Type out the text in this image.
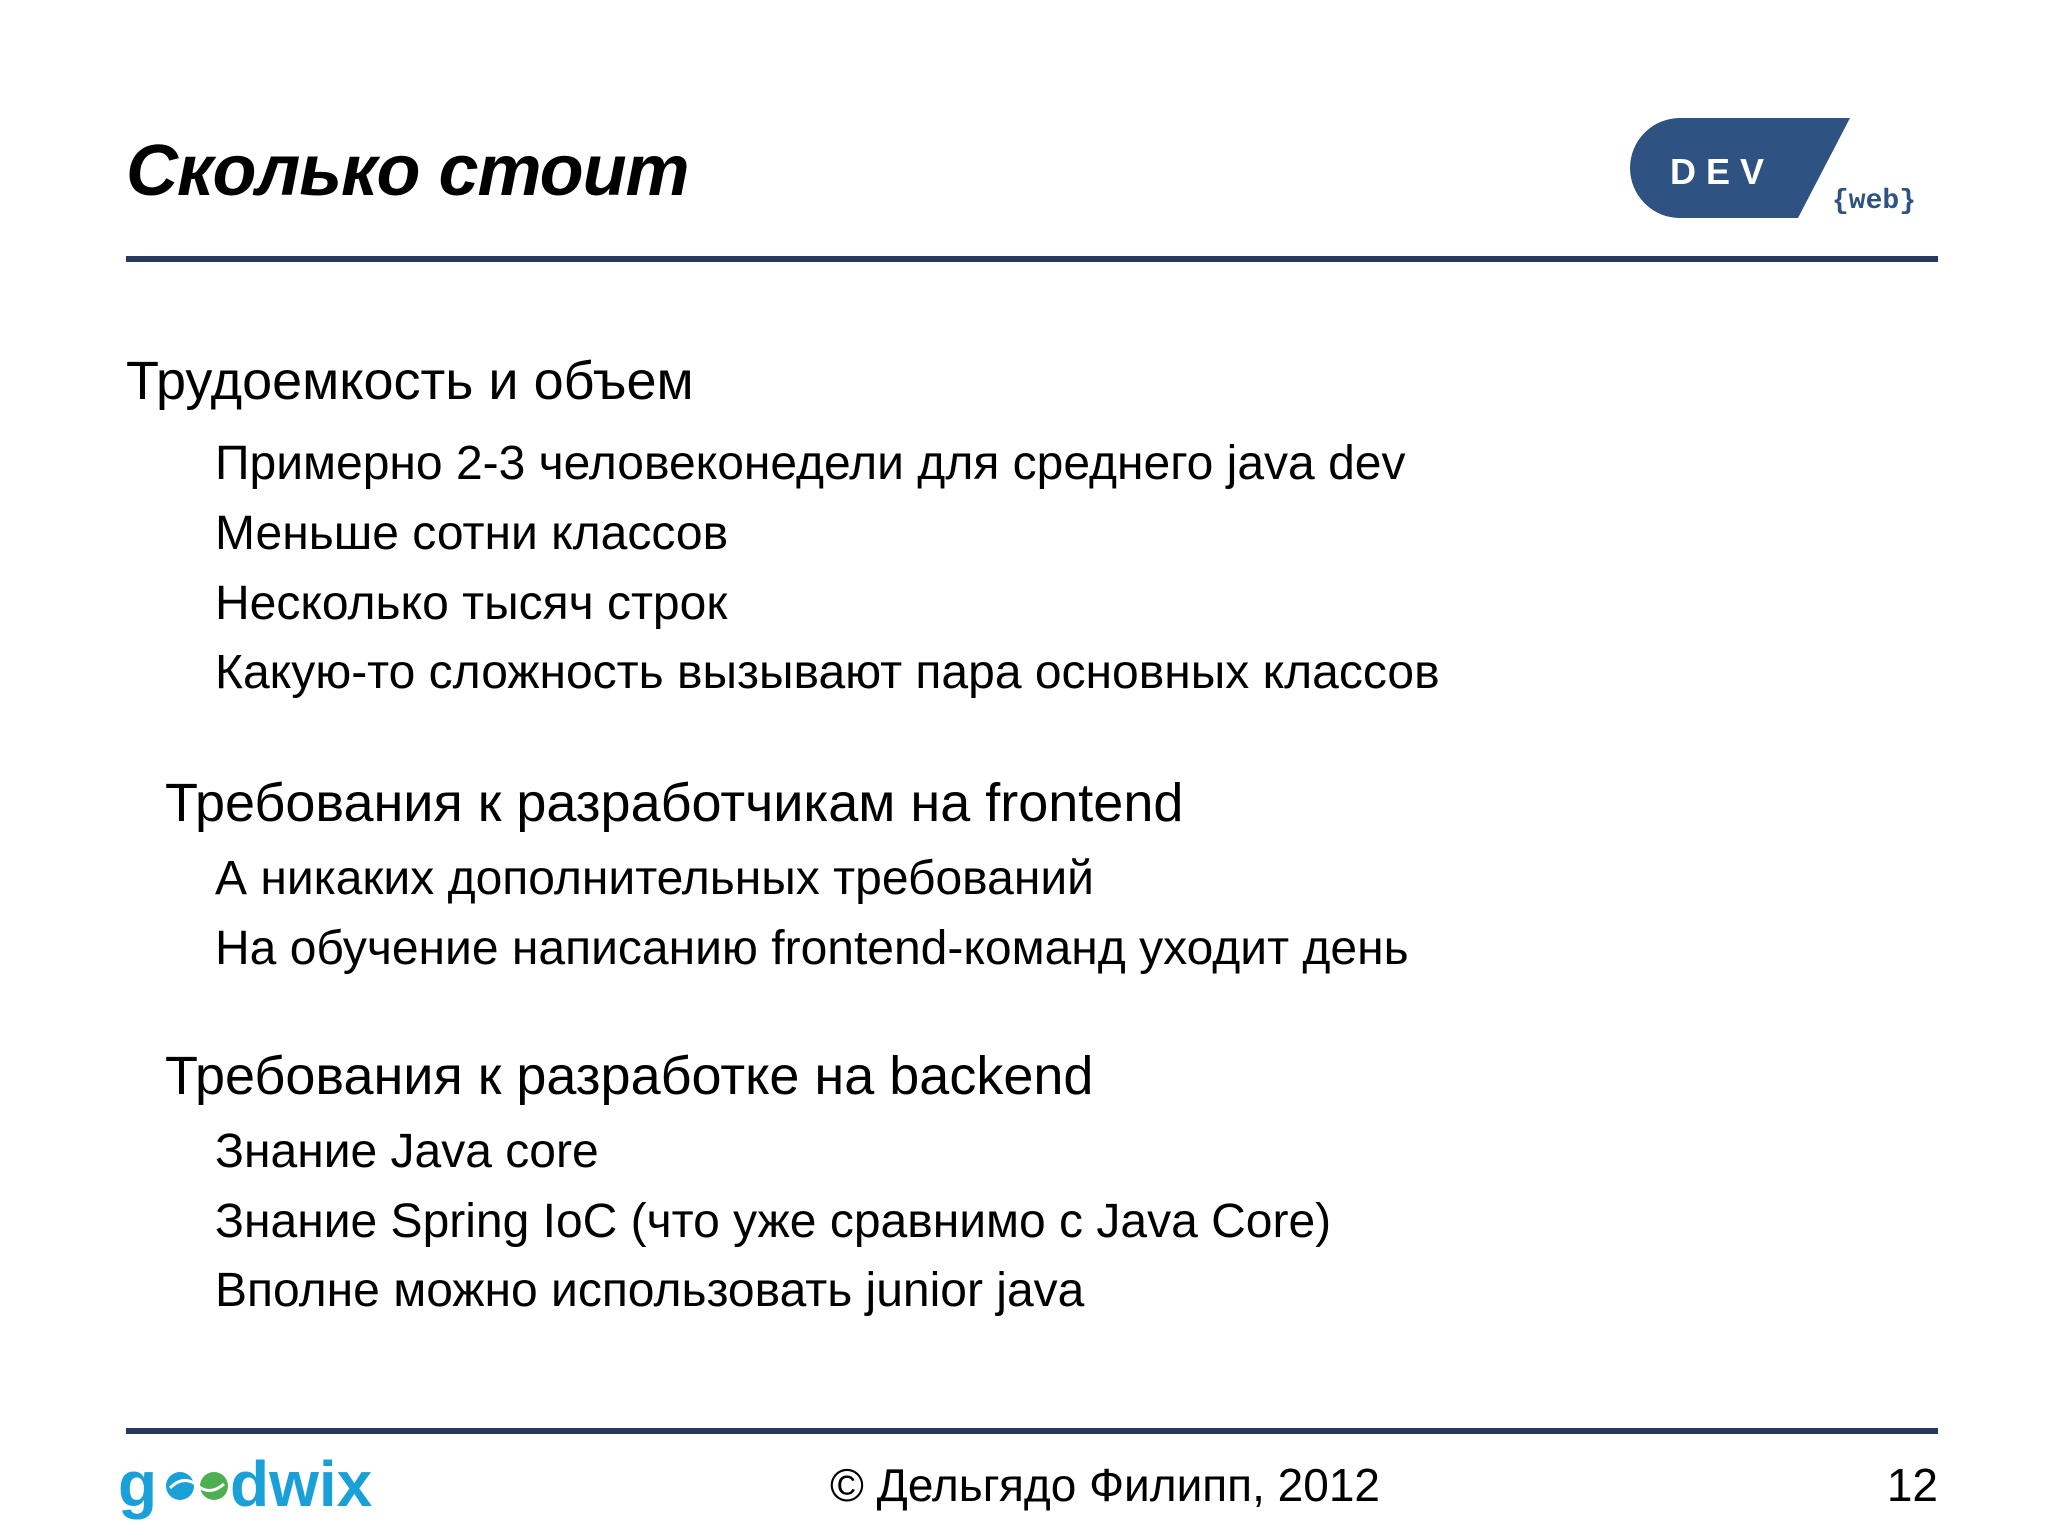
Сколько стоит	D E V
{web}
Трудоемкость и объем
Примерно 2-3 человеконедели для среднего java dev
Меньше сотни классов
Несколько тысяч строк
Какую-то сложность вызывают пара основных классов
Требования к разработчикам на frontend
А никаких дополнительных требований
На обучение написанию frontend-команд уходит день
Требования к разработке на backend
Знание Java core
Знание Spring IoC (что уже сравнимо с Java Core)
Вполне можно использовать junior java
g dwix	© Дельгядо Филипп, 2012	12
